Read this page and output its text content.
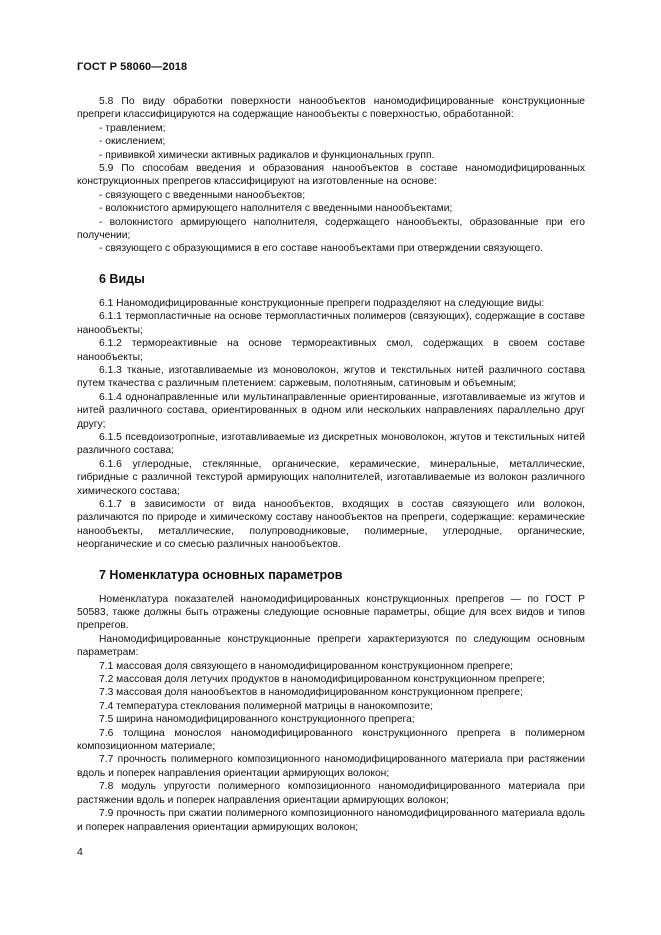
ГОСТ Р 58060—2018

5.8 По виду обработки поверхности нанообъектов наномодифицированные конструкционные препреги классифицируются на содержащие нанообъекты с поверхностью, обработанной:

- травлением;
- окислением;
- прививкой химически активных радикалов и функциональных групп.

5.9 По способам введения и образования нанообъектов в составе наномодифицированных конструкционных препрегов классифицируют на изготовленные на основе:

- связующего с введенными нанообъектов;
- волокнистого армирующего наполнителя с введенными нанообъектами;
- волокнистого армирующего наполнителя, содержащего нанообъекты, образованные при его получении;
- связующего с образующимися в его составе нанообъектами при отверждении связующего.
6 Виды

6.1 Наномодифицированные конструкционные препреги подразделяют на следующие виды:

6.1.1 термопластичные на основе термопластичных полимеров (связующих), содержащие в составе нанообъекты;

6.1.2 термореактивные на основе термореактивных смол, содержащих в своем составе нанообъекты;

6.1.3 тканые, изготавливаемые из моноволокон, жгутов и текстильных нитей различного состава путем ткачества с различным плетением: саржевым, полотняным, сатиновым и объемным;

6.1.4 однонаправленные или мультинаправленные ориентированные, изготавливаемые из жгутов и нитей различного состава, ориентированных в одном или нескольких направлениях параллельно друг другу;

6.1.5 псевдоизотропные, изготавливаемые из дискретных моноволокон, жгутов и текстильных нитей различного состава;

6.1.6 углеродные, стеклянные, органические, керамические, минеральные, металлические, гибридные с различной текстурой армирующих наполнителей, изготавливаемые из волокон различного химического состава;

6.1.7 в зависимости от вида нанообъектов, входящих в состав связующего или волокон, различаются по природе и химическому составу нанообъектов на препреги, содержащие: керамические нанообъекты, металлические, полупроводниковые, полимерные, углеродные, органические, неорганические и со смесью различных нанообъектов.

7 Номенклатура основных параметров

Номенклатура показателей наномодифицированных конструкционных препрегов — по ГОСТ Р 50583, также должны быть отражены следующие основные параметры, общие для всех видов и типов препрегов.

Наномодифицированные конструкционные препреги характеризуются по следующим основным параметрам:

7.1 массовая доля связующего в наномодифицированном конструкционном препреге;

7.2 массовая доля летучих продуктов в наномодифицированном конструкционном препреге;

7.3 массовая доля нанообъектов в наномодифицированном конструкционном препреге;

7.4 температура стеклования полимерной матрицы в нанокомпозите;

7.5 ширина наномодифицированного конструкционного препрега;

7.6 толщина монослоя наномодифицированного конструкционного препрега в полимерном композиционном материале;

7.7 прочность полимерного композиционного наномодифицированного материала при растяжении вдоль и поперек направления ориентации армирующих волокон;

7.8 модуль упругости полимерного композиционного наномодифицированного материала при растяжении вдоль и поперек направления ориентации армирующих волокон;

7.9 прочность при сжатии полимерного композиционного наномодифицированного материала вдоль и поперек направления ориентации армирующих волокон;

4
